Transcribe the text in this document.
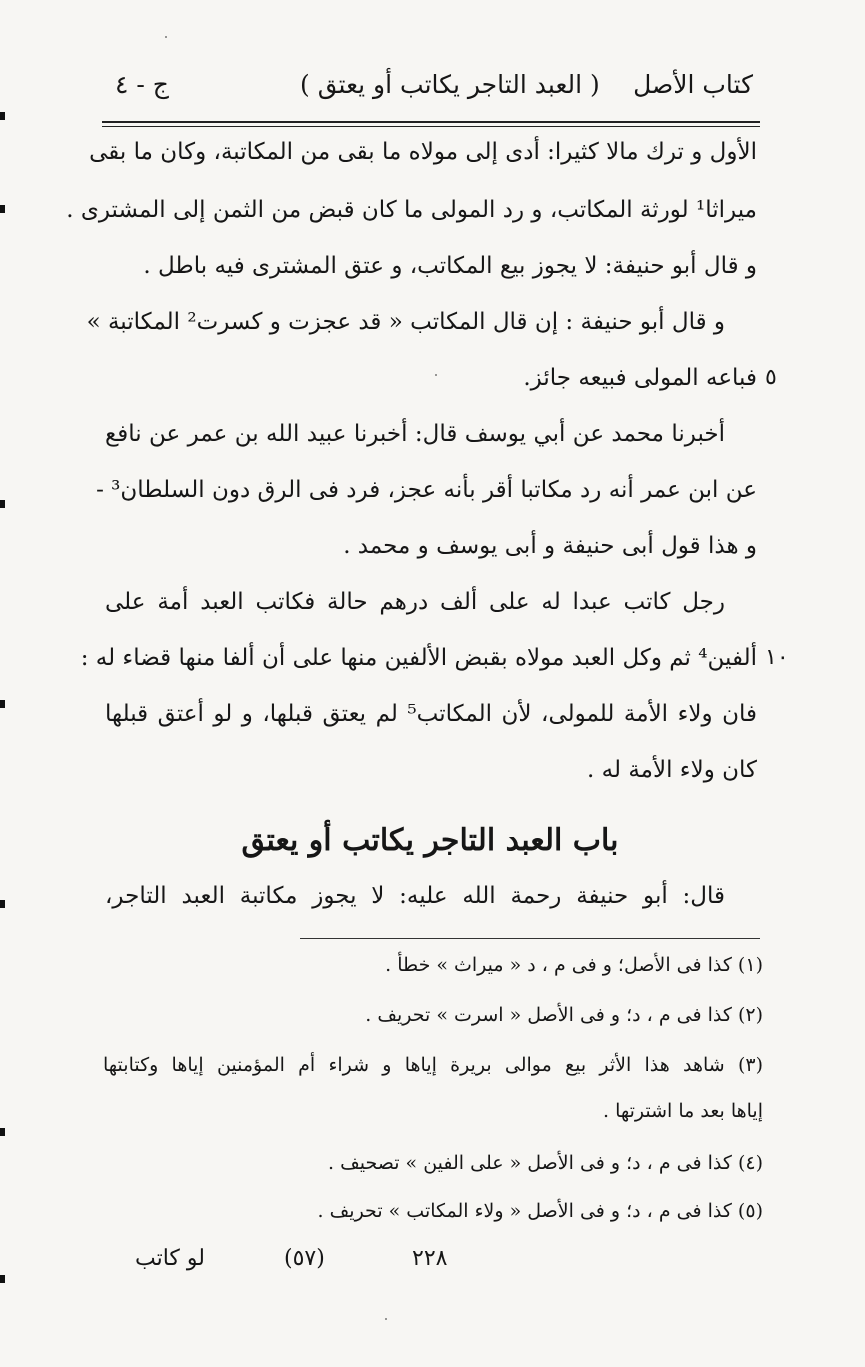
كتاب الأصل
( العبد التاجر يكاتب أو يعتق )
ج - ٤
الأول و ترك مالا كثيرا: أدى إلى مولاه ما بقى من المكاتبة، وكان ما بقى
ميراثا¹ لورثة المكاتب، و رد المولى ما كان قبض من الثمن إلى المشترى .
و قال أبو حنيفة: لا يجوز بيع المكاتب، و عتق المشترى فيه باطل .
و قال أبو حنيفة : إن قال المكاتب « قد عجزت و كسرت² المكاتبة »
فباعه المولى فبيعه جائز. ٥
أخبرنا محمد عن أبي يوسف قال: أخبرنا عبيد الله بن عمر عن نافع
عن ابن عمر أنه رد مكاتبا أقر بأنه عجز، فرد فى الرق دون السلطان³ -
و هذا قول أبى حنيفة و أبى يوسف و محمد .
رجل كاتب عبدا له على ألف درهم حالة فكاتب العبد أمة على
ألفين⁴ ثم وكل العبد مولاه بقبض الألفين منها على أن ألفا منها قضاء له : ١٠
فان ولاء الأمة للمولى، لأن المكاتب⁵ لم يعتق قبلها، و لو أعتق قبلها
كان ولاء الأمة له .
باب العبد التاجر يكاتب أو يعتق
قال: أبو حنيفة رحمة الله عليه: لا يجوز مكاتبة العبد التاجر،
(١) كذا فى الأصل؛ و فى م ، د « ميراث » خطأ .
(٢) كذا فى م ، د؛ و فى الأصل « اسرت » تحريف .
(٣) شاهد هذا الأثر بيع موالى بريرة إياها و شراء أم المؤمنين إياها وكتابتها
إياها بعد ما اشترتها .
(٤) كذا فى م ، د؛ و فى الأصل « على الفين » تصحيف .
(٥) كذا فى م ، د؛ و فى الأصل « ولاء المكاتب » تحريف .
لو كاتب	(٥٧)	٢٢٨
